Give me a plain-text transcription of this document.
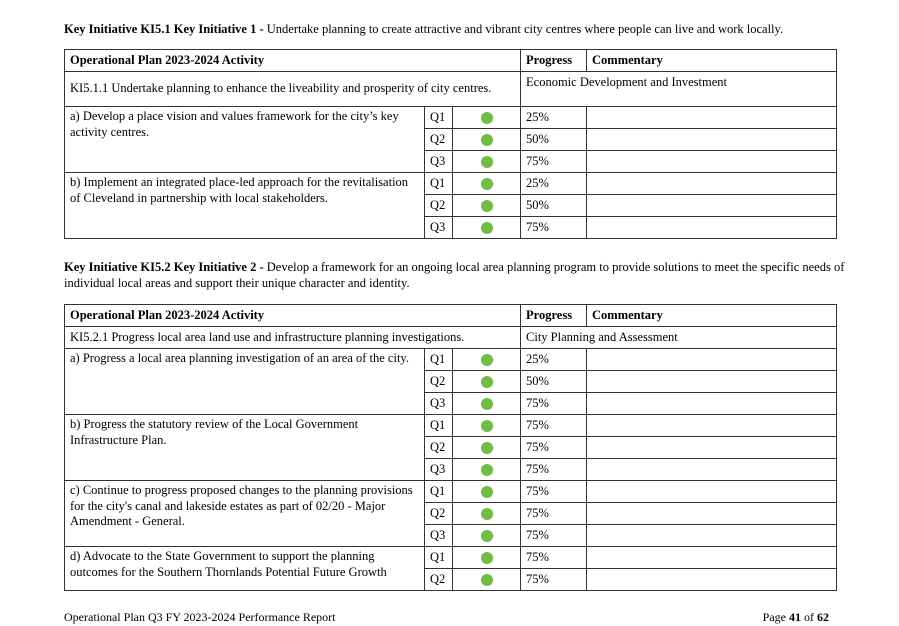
Key Initiative KI5.1 Key Initiative 1 - Undertake planning to create attractive and vibrant city centres where people can live and work locally.
Operational Plan 2023-2024 Activity			Progress	Commentary
KI5.1.1 Undertake planning to enhance the liveability and prosperity of city centres.			Economic Development and Investment	
a) Develop a place vision and values framework for the city’s key activity centres.	Q1		25%	
	Q2		50%	
	Q3		75%	
b) Implement an integrated place-led approach for the revitalisation of Cleveland in partnership with local stakeholders.	Q1		25%	
	Q2		50%	
	Q3		75%	
Key Initiative KI5.2 Key Initiative 2 - Develop a framework for an ongoing local area planning program to provide solutions to meet the specific needs of individual local areas and support their unique character and identity.
Operational Plan 2023-2024 Activity			Progress	Commentary
KI5.2.1 Progress local area land use and infrastructure planning investigations.			City Planning and Assessment	
a) Progress a local area planning investigation of an area of the city.	Q1		25%	
	Q2		50%	
	Q3		75%	
b) Progress the statutory review of the Local Government Infrastructure Plan.	Q1		75%	
	Q2		75%	
	Q3		75%	
c) Continue to progress proposed changes to the planning provisions for the city's canal and lakeside estates as part of 02/20 - Major Amendment - General.	Q1		75%	
	Q2		75%	
	Q3		75%	
d) Advocate to the State Government to support the planning outcomes for the Southern Thornlands Potential Future Growth	Q1		75%	
	Q2		75%	
Operational Plan Q3 FY 2023-2024 Performance Report	Page 41 of 62
